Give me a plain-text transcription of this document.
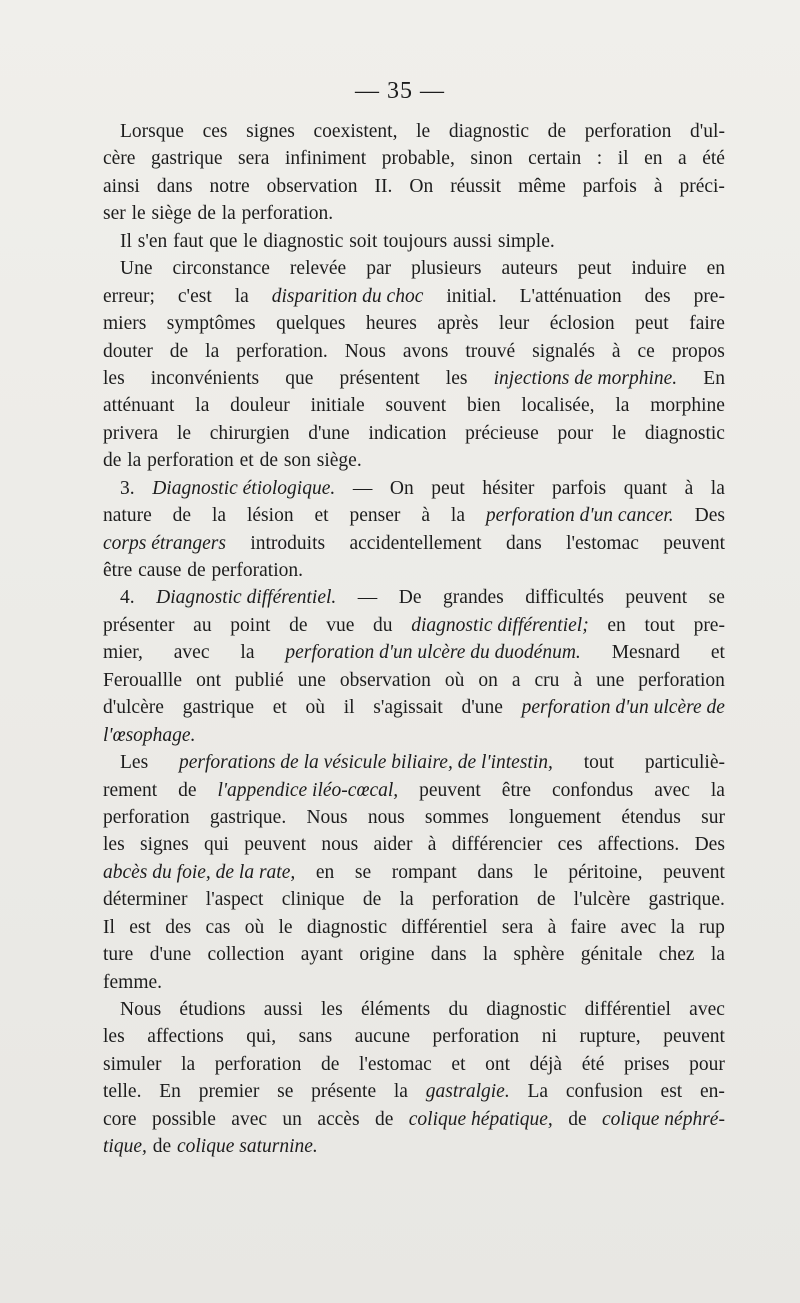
— 35 —
Lorsque ces signes coexistent, le diagnostic de perforation d'ul-
cère gastrique sera infiniment probable, sinon certain : il en a été
ainsi dans notre observation II. On réussit même parfois à préci-
ser le siège de la perforation.
Il s'en faut que le diagnostic soit toujours aussi simple.
Une circonstance relevée par plusieurs auteurs peut induire en
erreur; c'est la disparition du choc initial. L'atténuation des pre-
miers symptômes quelques heures après leur éclosion peut faire
douter de la perforation. Nous avons trouvé signalés à ce propos
les inconvénients que présentent les injections de morphine. En
atténuant la douleur initiale souvent bien localisée, la morphine
privera le chirurgien d'une indication précieuse pour le diagnostic
de la perforation et de son siège.
3. Diagnostic étiologique. — On peut hésiter parfois quant à la
nature de la lésion et penser à la perforation d'un cancer. Des
corps étrangers introduits accidentellement dans l'estomac peuvent
être cause de perforation.
4. Diagnostic différentiel. — De grandes difficultés peuvent se
présenter au point de vue du diagnostic différentiel; en tout pre-
mier, avec la perforation d'un ulcère du duodénum. Mesnard et
Ferouallle ont publié une observation où on a cru à une perforation
d'ulcère gastrique et où il s'agissait d'une perforation d'un ulcère de
l'œsophage.
Les perforations de la vésicule biliaire, de l'intestin, tout particuliè-
rement de l'appendice iléo-cœcal, peuvent être confondus avec la
perforation gastrique. Nous nous sommes longuement étendus sur
les signes qui peuvent nous aider à différencier ces affections. Des
abcès du foie, de la rate, en se rompant dans le péritoine, peuvent
déterminer l'aspect clinique de la perforation de l'ulcère gastrique.
Il est des cas où le diagnostic différentiel sera à faire avec la rup
ture d'une collection ayant origine dans la sphère génitale chez la
femme.
Nous étudions aussi les éléments du diagnostic différentiel avec
les affections qui, sans aucune perforation ni rupture, peuvent
simuler la perforation de l'estomac et ont déjà été prises pour
telle. En premier se présente la gastralgie. La confusion est en-
core possible avec un accès de colique hépatique, de colique néphré-
tique, de colique saturnine.
